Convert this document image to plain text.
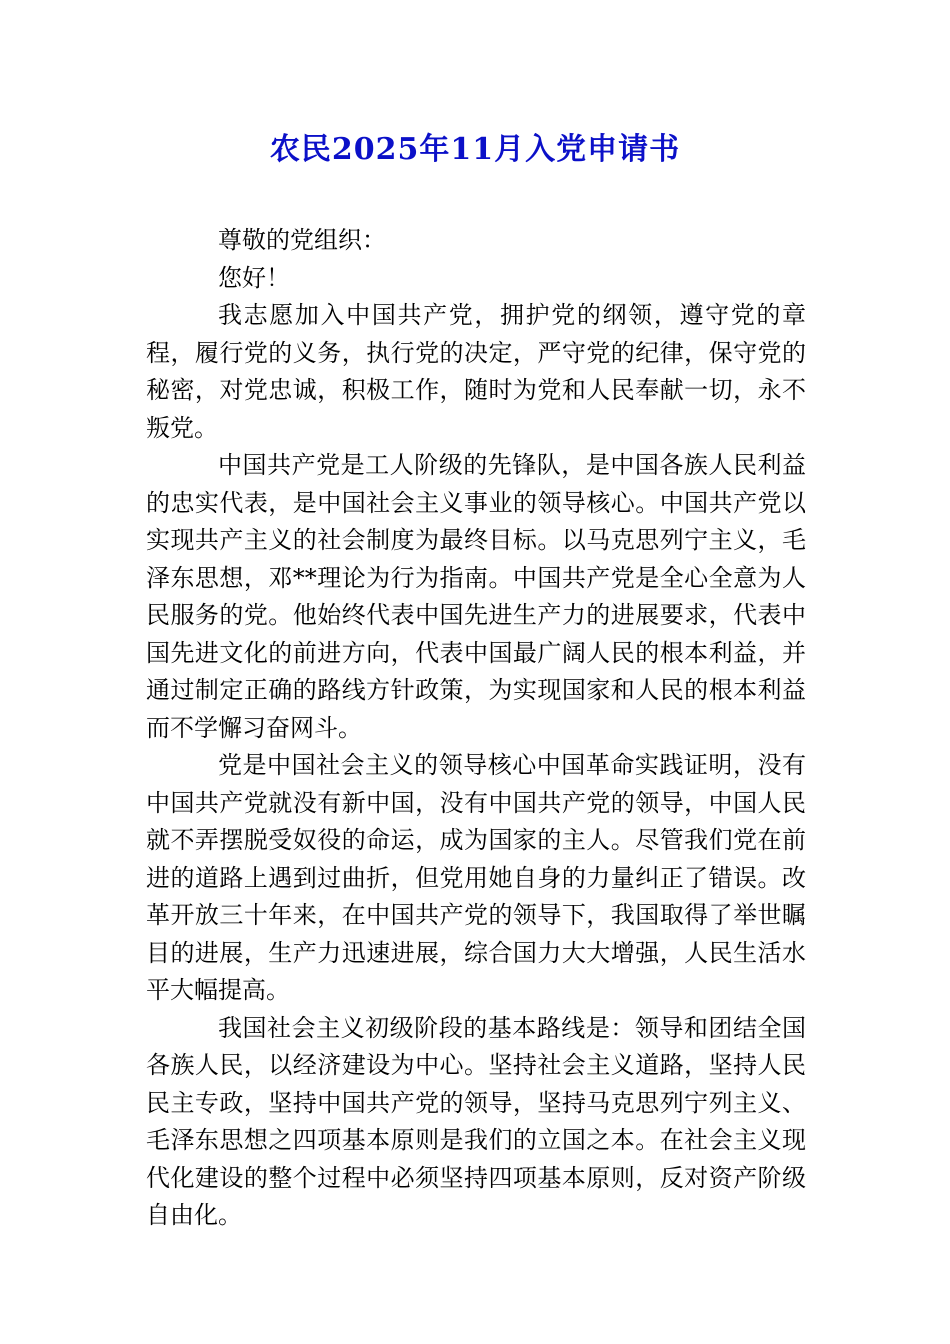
农民2025年11月入党申请书

尊敬的党组织：

您好！

我志愿加入中国共产党，拥护党的纲领，遵守党的章程，履行党的义务，执行党的决定，严守党的纪律，保守党的秘密，对党忠诚，积极工作，随时为党和人民奉献一切，永不叛党。

中国共产党是工人阶级的先锋队，是中国各族人民利益的忠实代表，是中国社会主义事业的领导核心。中国共产党以实现共产主义的社会制度为最终目标。以马克思列宁主义，毛泽东思想，邓**理论为行为指南。中国共产党是全心全意为人民服务的党。他始终代表中国先进生产力的进展要求，代表中国先进文化的前进方向，代表中国最广阔人民的根本利益，并通过制定正确的路线方针政策，为实现国家和人民的根本利益而不学懈习奋网斗。

党是中国社会主义的领导核心中国革命实践证明，没有中国共产党就没有新中国，没有中国共产党的领导，中国人民就不弄摆脱受奴役的命运，成为国家的主人。尽管我们党在前进的道路上遇到过曲折，但党用她自身的力量纠正了错误。改革开放三十年来，在中国共产党的领导下，我国取得了举世瞩目的进展，生产力迅速进展，综合国力大大增强，人民生活水平大幅提高。

我国社会主义初级阶段的基本路线是：领导和团结全国各族人民，以经济建设为中心。坚持社会主义道路，坚持人民民主专政，坚持中国共产党的领导，坚持马克思列宁列主义、毛泽东思想之四项基本原则是我们的立国之本。在社会主义现代化建设的整个过程中必须坚持四项基本原则，反对资产阶级自由化。
